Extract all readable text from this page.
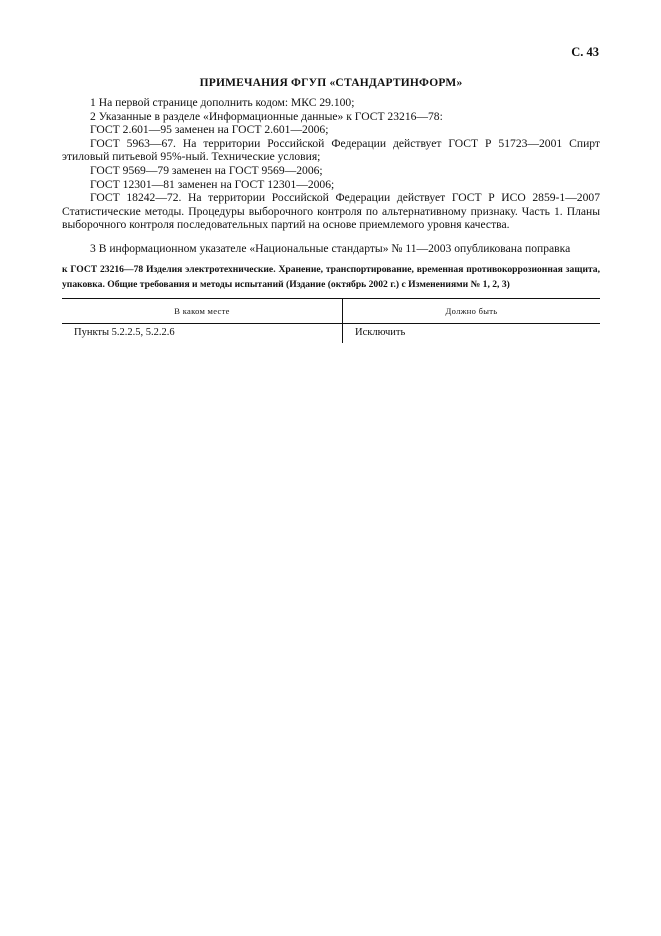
С. 43
ПРИМЕЧАНИЯ ФГУП «СТАНДАРТИНФОРМ»

1 На первой странице дополнить кодом: МКС 29.100;

2 Указанные в разделе «Информационные данные» к ГОСТ 23216—78:

ГОСТ 2.601—95 заменен на ГОСТ 2.601—2006;

ГОСТ 5963—67. На территории Российской Федерации действует ГОСТ Р 51723—2001 Спирт этиловый питьевой 95%-ный. Технические условия;

ГОСТ 9569—79 заменен на ГОСТ 9569—2006;

ГОСТ 12301—81 заменен на ГОСТ 12301—2006;

ГОСТ 18242—72. На территории Российской Федерации действует ГОСТ Р ИСО 2859-1—2007 Статистические методы. Процедуры выборочного контроля по альтернативному признаку. Часть 1. Планы выборочного контроля последовательных партий на основе приемлемого уровня качества.

3 В информационном указателе «Национальные стандарты» № 11—2003 опубликована поправка

к ГОСТ 23216—78 Изделия электротехнические. Хранение, транспортирование, временная противокоррозионная защита, упаковка. Общие требования и методы испытаний (Издание (октябрь 2002 г.) с Изменениями № 1, 2, 3)
В каком месте	Должно быть
Пункты 5.2.2.5, 5.2.2.6	Исключить
